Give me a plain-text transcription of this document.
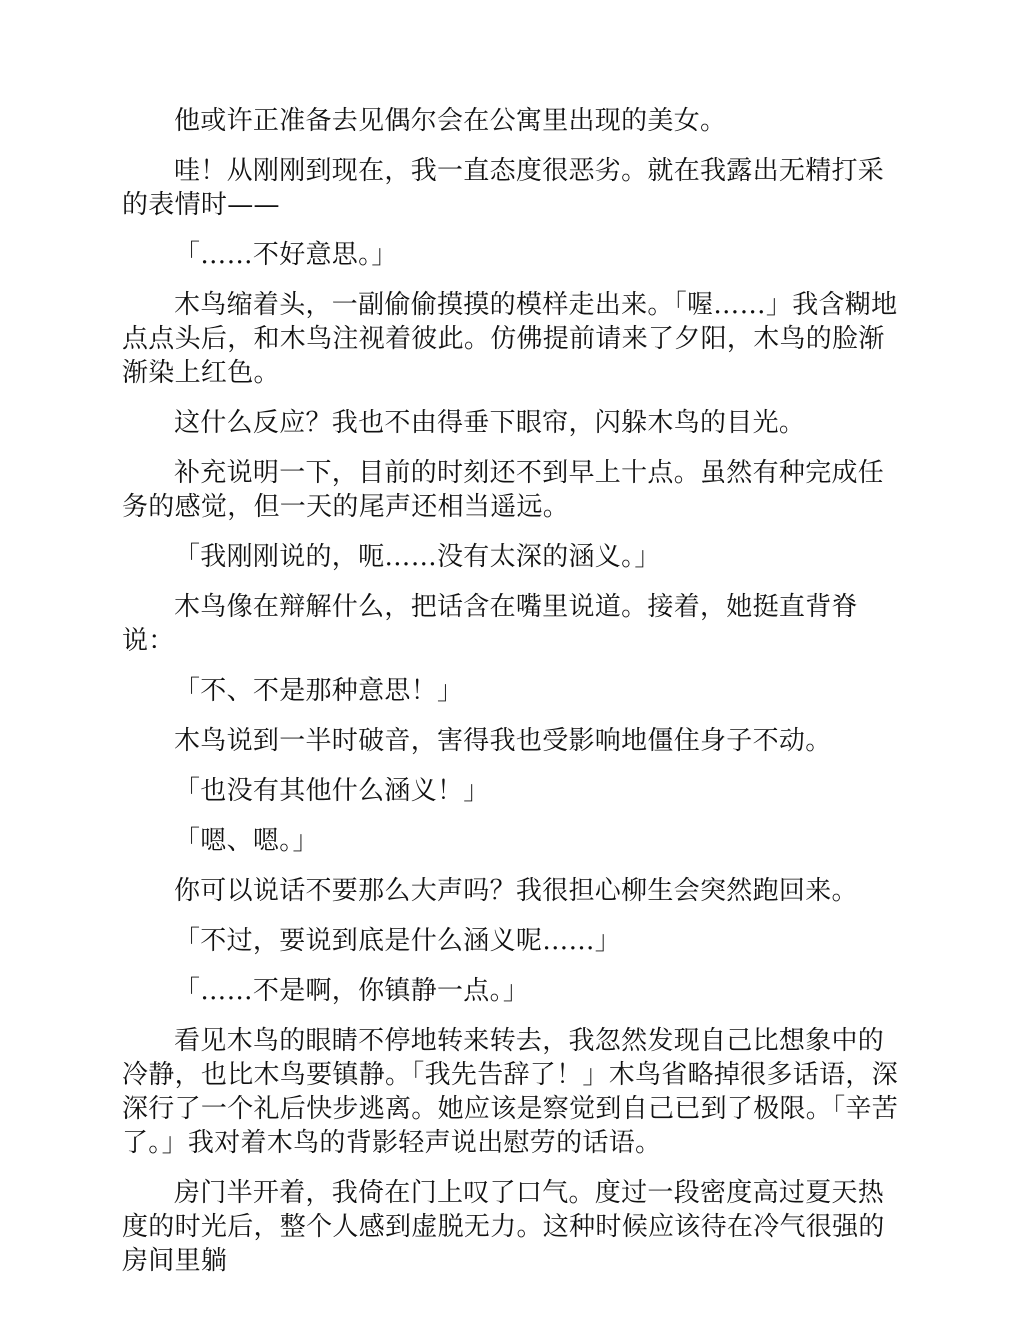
他或许正准备去见偶尔会在公寓里出现的美女。

哇！从刚刚到现在，我一直态度很恶劣。就在我露出无精打采的表情时——

「……不好意思。」

木鸟缩着头，一副偷偷摸摸的模样走出来。「喔……」我含糊地点点头后，和木鸟注视着彼此。仿佛提前请来了夕阳，木鸟的脸渐渐染上红色。

这什么反应？我也不由得垂下眼帘，闪躲木鸟的目光。

补充说明一下，目前的时刻还不到早上十点。虽然有种完成任务的感觉，但一天的尾声还相当遥远。

「我刚刚说的，呃……没有太深的涵义。」

木鸟像在辩解什么，把话含在嘴里说道。接着，她挺直背脊说：

「不、不是那种意思！」

木鸟说到一半时破音，害得我也受影响地僵住身子不动。

「也没有其他什么涵义！」

「嗯、嗯。」

你可以说话不要那么大声吗？我很担心柳生会突然跑回来。

「不过，要说到底是什么涵义呢……」

「……不是啊，你镇静一点。」

看见木鸟的眼睛不停地转来转去，我忽然发现自己比想象中的冷静，也比木鸟要镇静。「我先告辞了！」木鸟省略掉很多话语，深深行了一个礼后快步逃离。她应该是察觉到自己已到了极限。「辛苦了。」我对着木鸟的背影轻声说出慰劳的话语。

房门半开着，我倚在门上叹了口气。度过一段密度高过夏天热度的时光后，整个人感到虚脱无力。这种时候应该待在冷气很强的房间里躺
